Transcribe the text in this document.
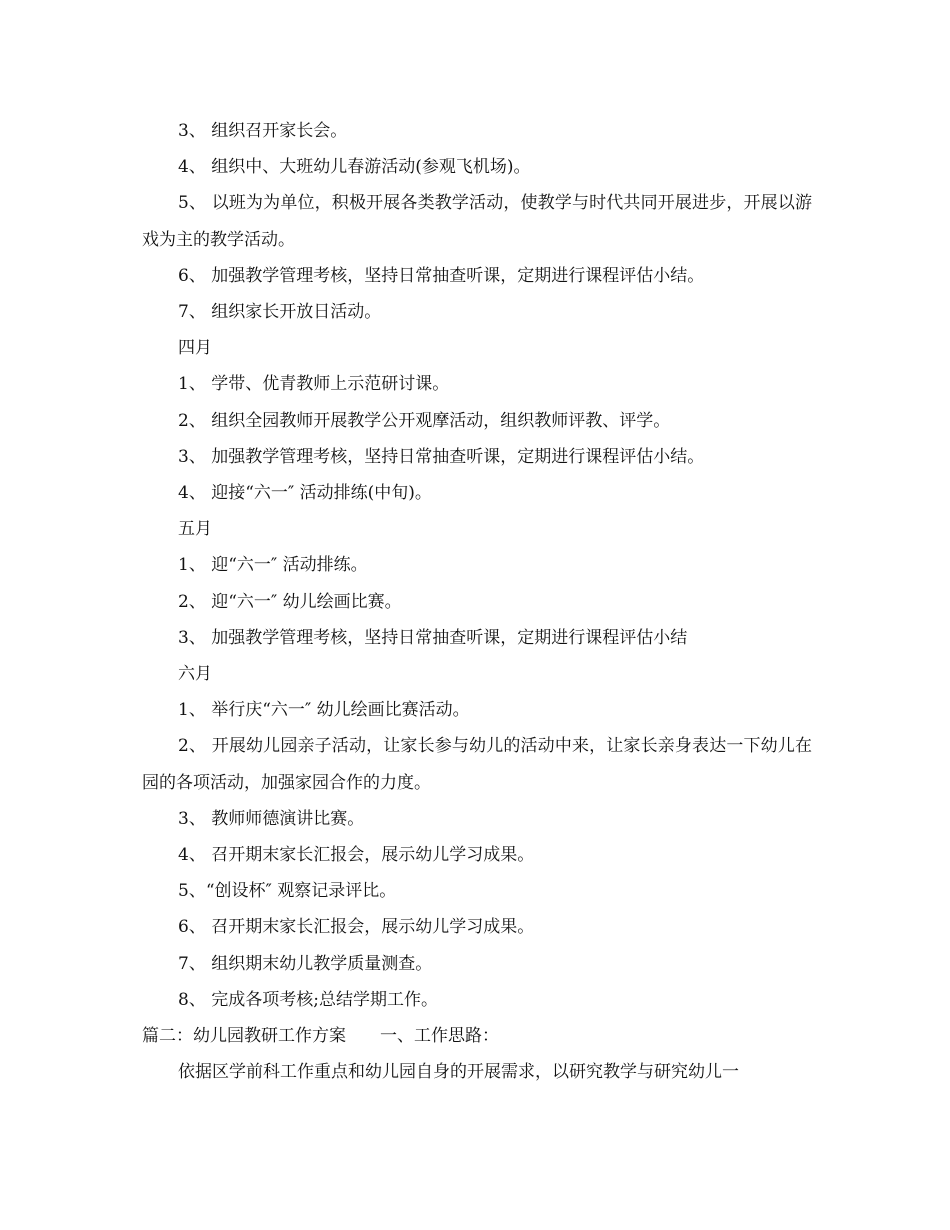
3、 组织召开家长会。

4、 组织中、大班幼儿春游活动(参观飞机场)。

5、 以班为为单位，积极开展各类教学活动，使教学与时代共同开展进步，开展以游戏为主的教学活动。

6、 加强教学管理考核，坚持日常抽查听课，定期进行课程评估小结。

7、 组织家长开放日活动。

四月

1、 学带、优青教师上示范研讨课。

2、 组织全园教师开展教学公开观摩活动，组织教师评教、评学。

3、 加强教学管理考核，坚持日常抽查听课，定期进行课程评估小结。

4、 迎接“六一″ 活动排练(中旬)。

五月

1、 迎“六一″ 活动排练。

2、 迎“六一″ 幼儿绘画比赛。

3、 加强教学管理考核，坚持日常抽查听课，定期进行课程评估小结

六月

1、 举行庆“六一″ 幼儿绘画比赛活动。

2、 开展幼儿园亲子活动，让家长参与幼儿的活动中来，让家长亲身表达一下幼儿在园的各项活动，加强家园合作的力度。

3、 教师师德演讲比赛。

4、 召开期末家长汇报会，展示幼儿学习成果。

5、“创设杯″ 观察记录评比。

6、 召开期末家长汇报会，展示幼儿学习成果。

7、 组织期末幼儿教学质量测查。

8、 完成各项考核;总结学期工作。

篇二：幼儿园教研工作方案　　一、工作思路：

依据区学前科工作重点和幼儿园自身的开展需求，以研究教学与研究幼儿一
